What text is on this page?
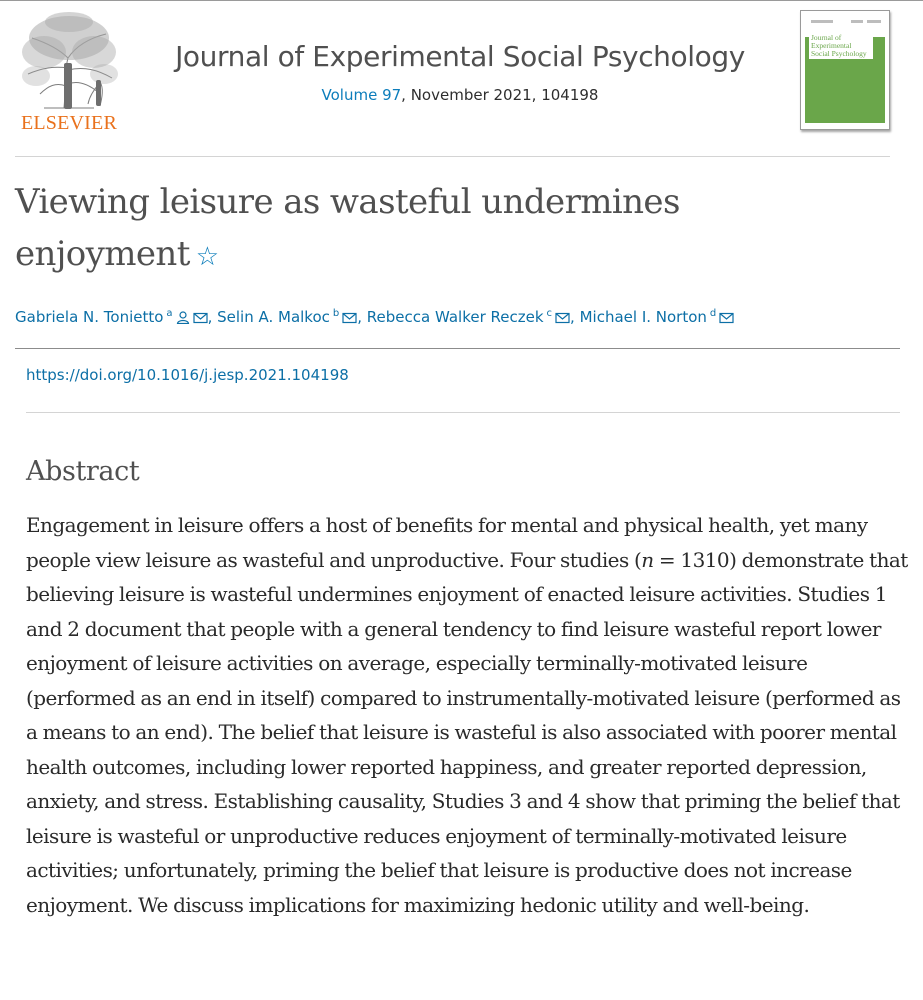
ELSEVIER
Journal of Experimental Social Psychology
Volume 97, November 2021, 104198
Journal of Experimental Social Psychology
Viewing leisure as wasteful undermines enjoyment ☆
Gabriela N. Tonietto $^a$ , Selin A. Malkoc $^b$ , Rebecca Walker Reczek $^c$ , Michael I. Norton $^d$
https://doi.org/10.1016/j.jesp.2021.104198
Abstract
Engagement in leisure offers a host of benefits for mental and physical health, yet many people view leisure as wasteful and unproductive. Four studies (n = 1310) demonstrate that believing leisure is wasteful undermines enjoyment of enacted leisure activities. Studies 1 and 2 document that people with a general tendency to find leisure wasteful report lower enjoyment of leisure activities on average, especially terminally-motivated leisure (performed as an end in itself) compared to instrumentally-motivated leisure (performed as a means to an end). The belief that leisure is wasteful is also associated with poorer mental health outcomes, including lower reported happiness, and greater reported depression, anxiety, and stress. Establishing causality, Studies 3 and 4 show that priming the belief that leisure is wasteful or unproductive reduces enjoyment of terminally-motivated leisure activities; unfortunately, priming the belief that leisure is productive does not increase enjoyment. We discuss implications for maximizing hedonic utility and well-being.
